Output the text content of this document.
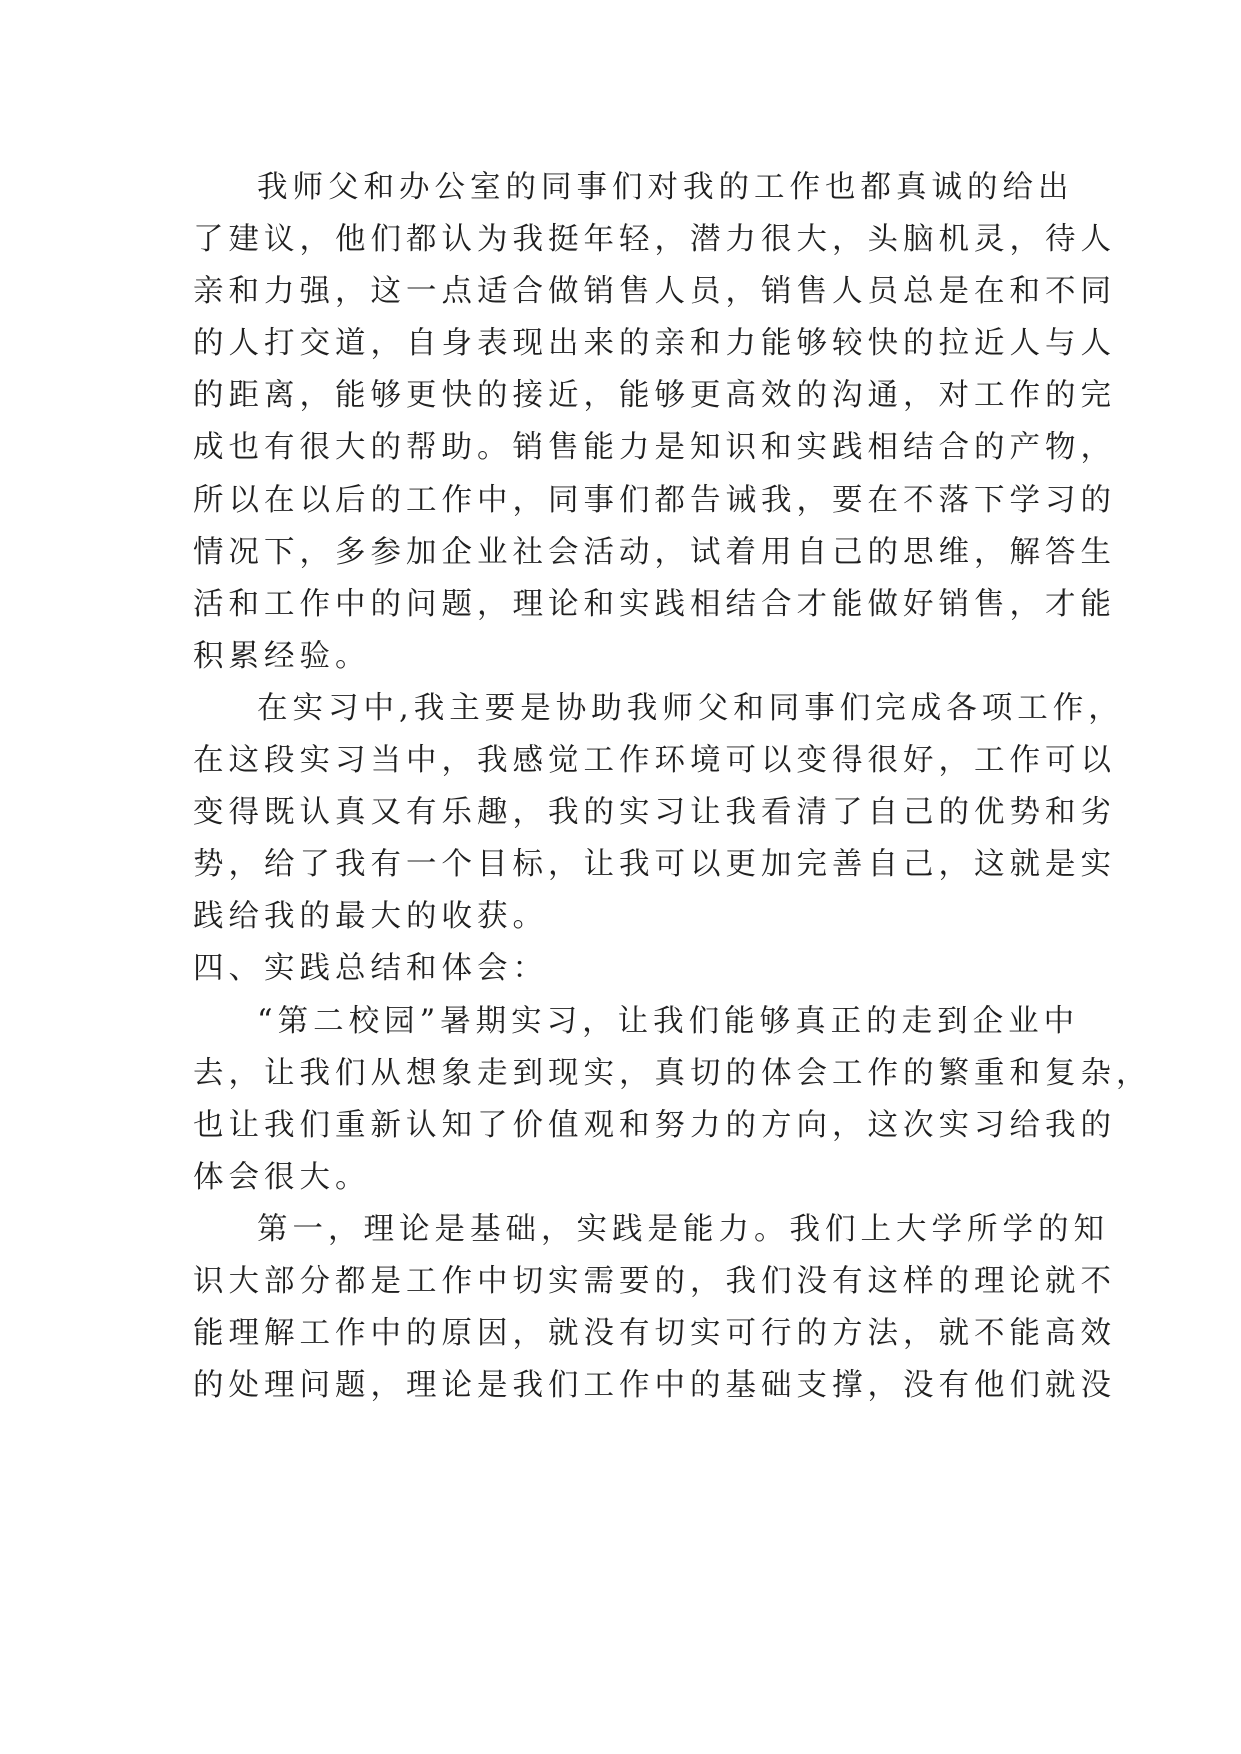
我师父和办公室的同事们对我的工作也都真诚的给出
了建议，他们都认为我挺年轻，潜力很大，头脑机灵，待人
亲和力强，这一点适合做销售人员，销售人员总是在和不同
的人打交道，自身表现出来的亲和力能够较快的拉近人与人
的距离，能够更快的接近，能够更高效的沟通，对工作的完
成也有很大的帮助。销售能力是知识和实践相结合的产物，
所以在以后的工作中，同事们都告诫我，要在不落下学习的
情况下，多参加企业社会活动，试着用自己的思维，解答生
活和工作中的问题，理论和实践相结合才能做好销售，才能
积累经验。
在实习中,我主要是协助我师父和同事们完成各项工作，
在这段实习当中，我感觉工作环境可以变得很好，工作可以
变得既认真又有乐趣，我的实习让我看清了自己的优势和劣
势，给了我有一个目标，让我可以更加完善自己，这就是实
践给我的最大的收获。
四、实践总结和体会：
“第二校园”暑期实习，让我们能够真正的走到企业中
去，让我们从想象走到现实，真切的体会工作的繁重和复杂，
也让我们重新认知了价值观和努力的方向，这次实习给我的
体会很大。
第一，理论是基础，实践是能力。我们上大学所学的知
识大部分都是工作中切实需要的，我们没有这样的理论就不
能理解工作中的原因，就没有切实可行的方法，就不能高效
的处理问题，理论是我们工作中的基础支撑，没有他们就没
